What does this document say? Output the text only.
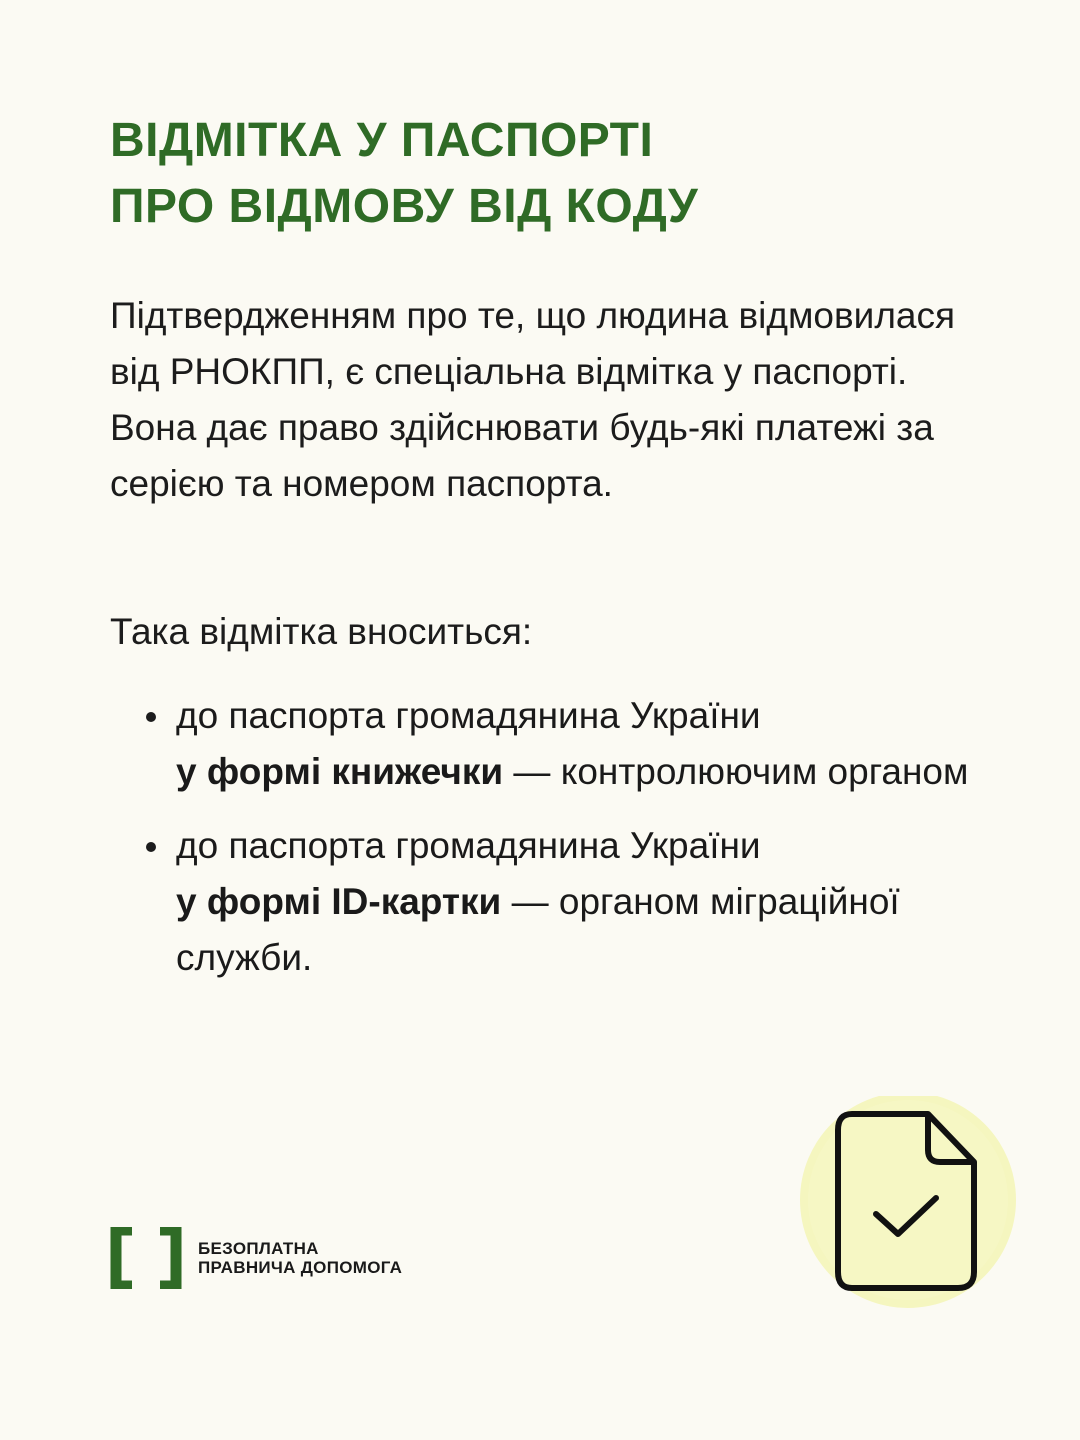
ВІДМІТКА У ПАСПОРТІ
ПРО ВІДМОВУ ВІД КОДУ

Підтвердженням про те, що людина відмовилася від РНОКПП, є спеціальна відмітка у паспорті. Вона дає право здійснювати будь-які платежі за серією та номером паспорта.

Така відмітка вноситься:

до паспорта громадянина України
у формі книжечки — контролюючим органом
до паспорта громадянина України
у формі ID-картки — органом міграційної служби.
БЕЗОПЛАТНА
ПРАВНИЧА ДОПОМОГА
